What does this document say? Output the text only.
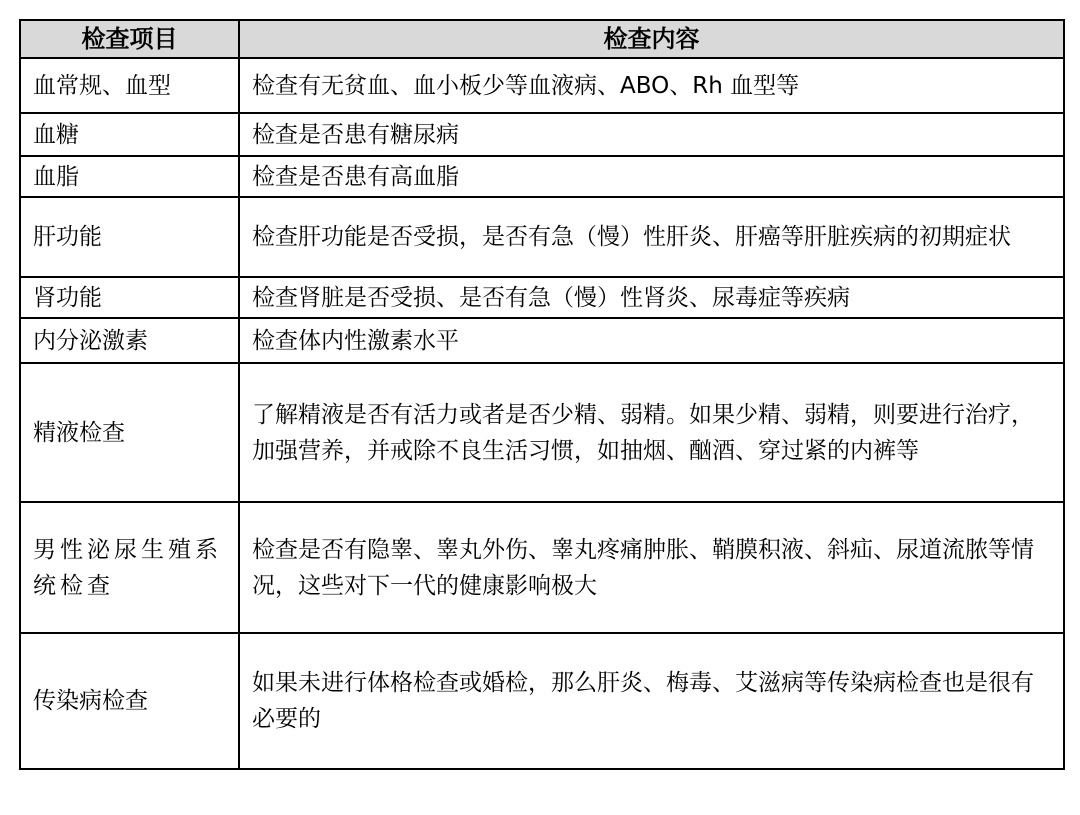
检查项目	检查内容
血常规、血型	检查有无贫血、血小板少等血液病、ABO、Rh 血型等
血糖	检查是否患有糖尿病
血脂	检查是否患有高血脂
肝功能	检查肝功能是否受损，是否有急（慢）性肝炎、肝癌等肝脏疾病的初期症状
肾功能	检查肾脏是否受损、是否有急（慢）性肾炎、尿毒症等疾病
内分泌激素	检查体内性激素水平
精液检查	了解精液是否有活力或者是否少精、弱精。如果少精、弱精，则要进行治疗，加强营养，并戒除不良生活习惯，如抽烟、酗酒、穿过紧的内裤等
男性泌尿生殖系统检查	检查是否有隐睾、睾丸外伤、睾丸疼痛肿胀、鞘膜积液、斜疝、尿道流脓等情况，这些对下一代的健康影响极大
传染病检查	如果未进行体格检查或婚检，那么肝炎、梅毒、艾滋病等传染病检查也是很有必要的
